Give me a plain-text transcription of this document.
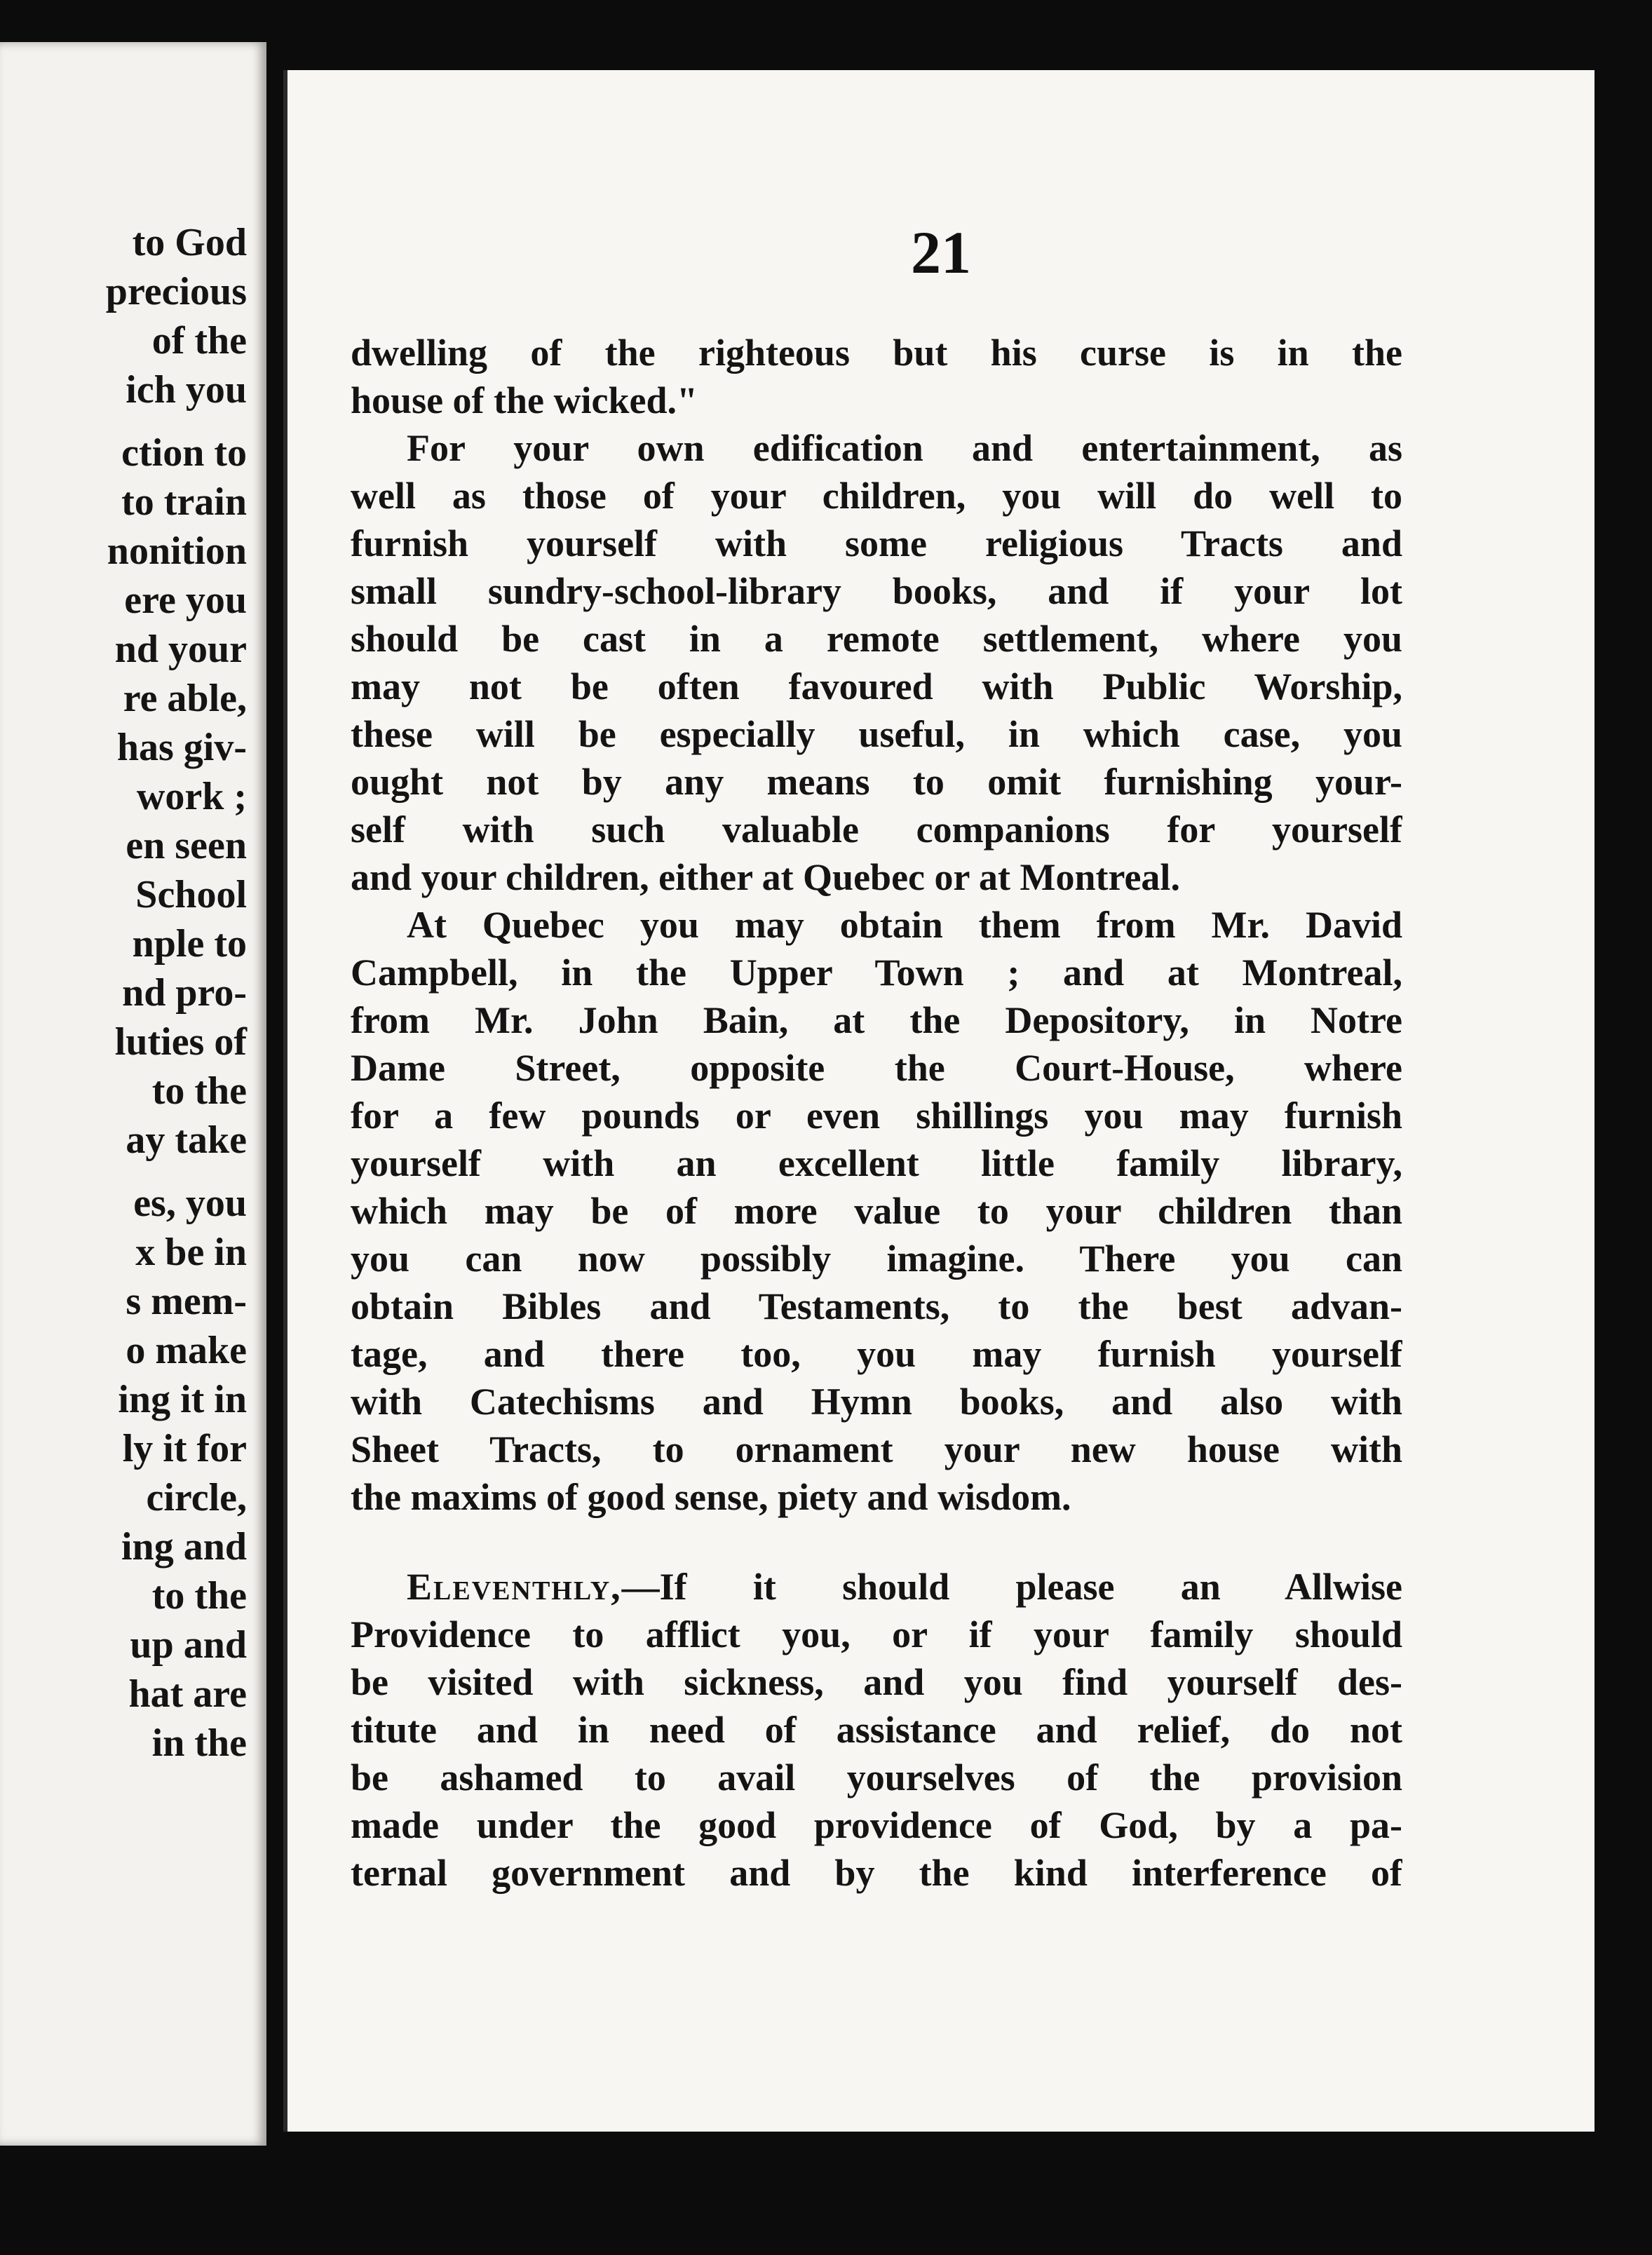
to God
precious
of the
ich you
ction to
to train
nonition
ere you
nd your
re able,
has giv-
work ;
en seen
School
nple to
nd pro-
luties of
to the
ay take
es, you
x be in
s mem-
o make
ing it in
ly it for
circle,
ing and
to the
up and
hat are
in the
21
dwelling of the righteous but his curse is in the
house of the wicked."
For your own edification and entertainment, as
well as those of your children, you will do well to
furnish yourself with some religious Tracts and
small sundry-school-library books, and if your lot
should be cast in a remote settlement, where you
may not be often favoured with Public Worship,
these will be especially useful, in which case, you
ought not by any means to omit furnishing your-
self with such valuable companions for yourself
and your children, either at Quebec or at Montreal.
At Quebec you may obtain them from Mr. David
Campbell, in the Upper Town ; and at Montreal,
from Mr. John Bain, at the Depository, in Notre
Dame Street, opposite the Court-House, where
for a few pounds or even shillings you may furnish
yourself with an excellent little family library,
which may be of more value to your children than
you can now possibly imagine. There you can
obtain Bibles and Testaments, to the best advan-
tage, and there too, you may furnish yourself
with Catechisms and Hymn books, and also with
Sheet Tracts, to ornament your new house with
the maxims of good sense, piety and wisdom.
Eleventhly,—If it should please an Allwise
Providence to afflict you, or if your family should
be visited with sickness, and you find yourself des-
titute and in need of assistance and relief, do not
be ashamed to avail yourselves of the provision
made under the good providence of God, by a pa-
ternal government and by the kind interference of
